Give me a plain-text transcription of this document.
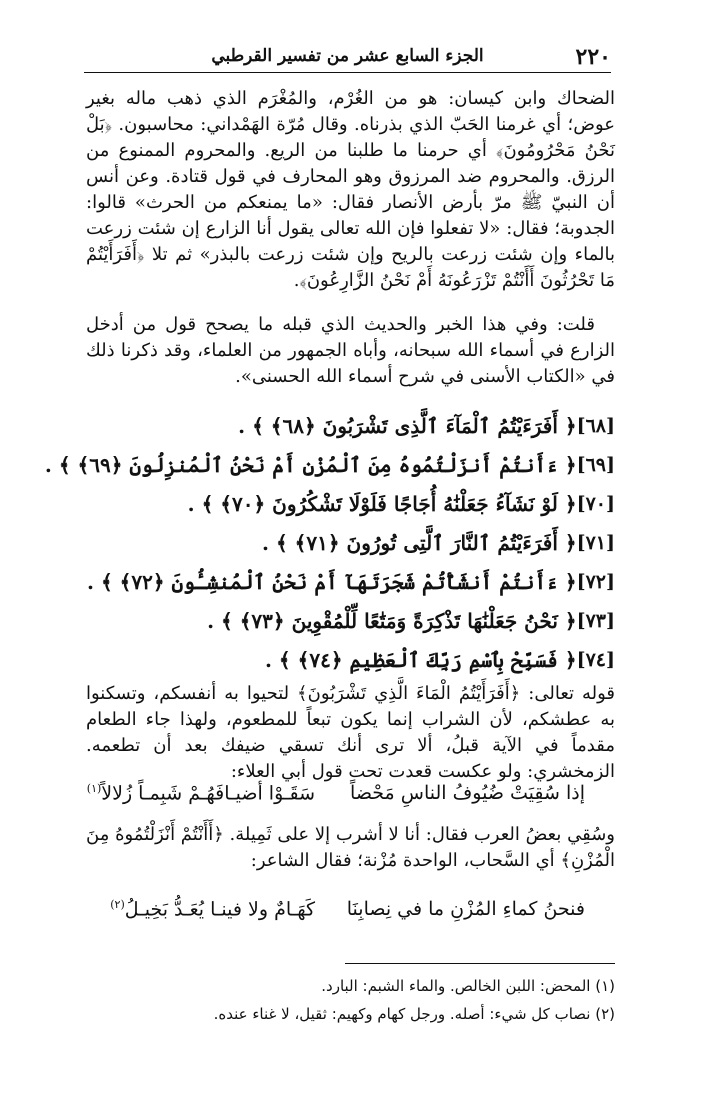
٢٢٠
الجزء السابع عشر من تفسير القرطبي
الضحاك وابن كيسان: هو من الغُرْم، والمُغْرَم الذي ذهب ماله بغير عوض؛ أي غرمنا الحَبّ الذي بذرناه. وقال مُرّة الهَمْداني: محاسبون. ﴿بَلْ نَحْنُ مَحْرُومُونَ﴾ أي حرمنا ما طلبنا من الريع. والمحروم الممنوع من الرزق. والمحروم ضد المرزوق وهو المحارف في قول قتادة. وعن أنس أن النبيّ ﷺ مرّ بأرض الأنصار فقال: «ما يمنعكم من الحرث» قالوا: الجدوبة؛ فقال: «لا تفعلوا فإن الله تعالى يقول أنا الزارع إن شئت زرعت بالماء وإن شئت زرعت بالريح وإن شئت زرعت بالبذر» ثم تلا ﴿أَفَرَأَيْتُمْ مَا تَحْرُثُونَ أَأَنْتُمْ تَزْرَعُونَهُ أَمْ نَحْنُ الزَّارِعُونَ﴾.
قلت: وفي هذا الخبر والحديث الذي قبله ما يصحح قول من أدخل الزارع في أسماء الله سبحانه، وأباه الجمهور من العلماء، وقد ذكرنا ذلك في «الكتاب الأسنى في شرح أسماء الله الحسنى».
[٦٨]
﴿ أَفَرَءَيْتُمُ ٱلْمَآءَ ٱلَّذِى تَشْرَبُونَ ﴿٦٨﴾ ﴾ .
[٦٩]
﴿ ءَأَنتُمْ أَنزَلْتُمُوهُ مِنَ ٱلْمُزْنِ أَمْ نَحْنُ ٱلْمُنزِلُونَ ﴿٦٩﴾ ﴾ .
[٧٠]
﴿ لَوْ نَشَآءُ جَعَلْنَٰهُ أُجَاجًا فَلَوْلَا تَشْكُرُونَ ﴿٧٠﴾ ﴾ .
[٧١]
﴿ أَفَرَءَيْتُمُ ٱلنَّارَ ٱلَّتِى تُورُونَ ﴿٧١﴾ ﴾ .
[٧٢]
﴿ ءَأَنتُمْ أَنشَأْتُمْ شَجَرَتَهَآ أَمْ نَحْنُ ٱلْمُنشِـُٔونَ ﴿٧٢﴾ ﴾ .
[٧٣]
﴿ نَحْنُ جَعَلْنَٰهَا تَذْكِرَةً وَمَتَٰعًا لِّلْمُقْوِينَ ﴿٧٣﴾ ﴾ .
[٧٤]
﴿ فَسَبِّحْ بِٱسْمِ رَبِّكَ ٱلْعَظِيمِ ﴿٧٤﴾ ﴾ .
قوله تعالى: ﴿أَفَرَأَيْتُمُ الْمَاءَ الَّذِي تَشْرَبُونَ﴾ لتحيوا به أنفسكم، وتسكنوا به عطشكم، لأن الشراب إنما يكون تبعاً للمطعوم، ولهذا جاء الطعام مقدماً في الآية قبلُ، ألا ترى أنك تسقي ضيفك بعد أن تطعمه. الزمخشري: ولو عكست قعدت تحت قول أبي العلاء:
إذا سُقِيَتْ ضُيُوفُ الناسِ مَحْضاً
سَقَـوْا أضيـافَهُـمْ شَبِمـاً زُلالاً$^{(١)}$
وسُقِي بعضُ العرب فقال: أنا لا أشرب إلا على ثَمِيلة. ﴿أَأَنْتُمْ أَنْزَلْتُمُوهُ مِنَ الْمُزْنِ﴾ أي السَّحاب، الواحدة مُزْنة؛ فقال الشاعر:
فنحنُ كماءِ المُزْنِ ما في نِصابِنَا
كَهَـامٌ ولا فينـا يُعَـدُّ بَخِيـلُ$^{(٢)}$
(١) المحض: اللبن الخالص. والماء الشبم: البارد.
(٢) نصاب كل شيء: أصله. ورجل كهام وكهيم: ثقيل، لا غناء عنده.
